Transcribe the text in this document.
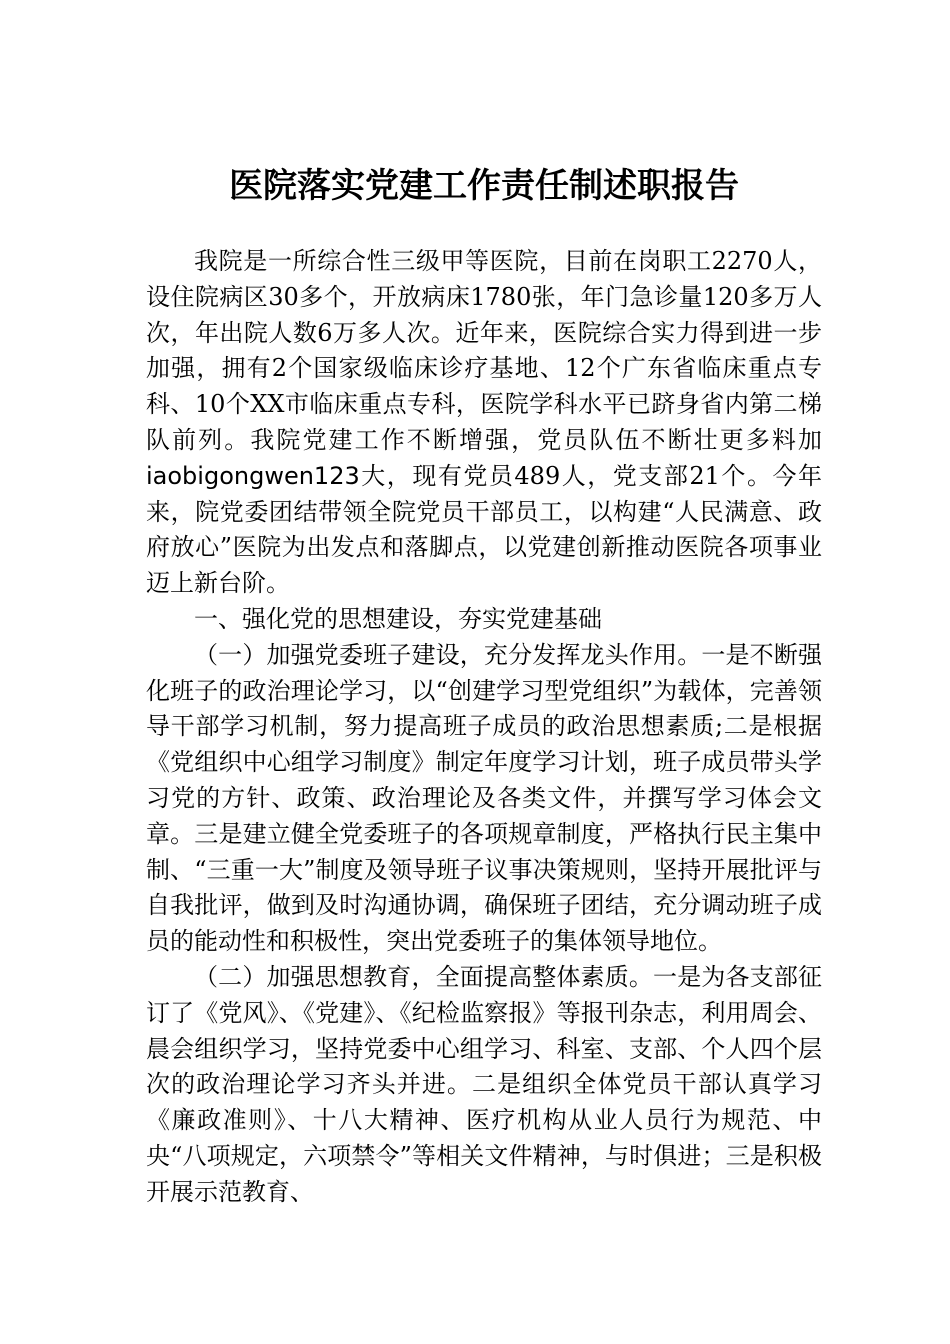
医院落实党建工作责任制述职报告

我院是一所综合性三级甲等医院，目前在岗职工2270人，设住院病区30多个，开放病床1780张，年门急诊量120多万人次，年出院人数6万多人次。近年来，医院综合实力得到进一步加强，拥有2个国家级临床诊疗基地、12个广东省临床重点专科、10个XX市临床重点专科，医院学科水平已跻身省内第二梯队前列。我院党建工作不断增强，党员队伍不断壮更多料加iaobigongwen123大，现有党员489人，党支部21个。今年来，院党委团结带领全院党员干部员工，以构建“人民满意、政府放心”医院为出发点和落脚点，以党建创新推动医院各项事业迈上新台阶。

一、强化党的思想建设，夯实党建基础

（一）加强党委班子建设，充分发挥龙头作用。一是不断强化班子的政治理论学习，以“创建学习型党组织”为载体，完善领导干部学习机制，努力提高班子成员的政治思想素质;二是根据《党组织中心组学习制度》制定年度学习计划，班子成员带头学习党的方针、政策、政治理论及各类文件，并撰写学习体会文章。三是建立健全党委班子的各项规章制度，严格执行民主集中制、“三重一大”制度及领导班子议事决策规则，坚持开展批评与自我批评，做到及时沟通协调，确保班子团结，充分调动班子成员的能动性和积极性，突出党委班子的集体领导地位。

（二）加强思想教育，全面提高整体素质。一是为各支部征订了《党风》、《党建》、《纪检监察报》等报刊杂志，利用周会、晨会组织学习，坚持党委中心组学习、科室、支部、个人四个层次的政治理论学习齐头并进。二是组织全体党员干部认真学习《廉政准则》、十八大精神、医疗机构从业人员行为规范、中央“八项规定，六项禁令”等相关文件精神，与时俱进；三是积极开展示范教育、
